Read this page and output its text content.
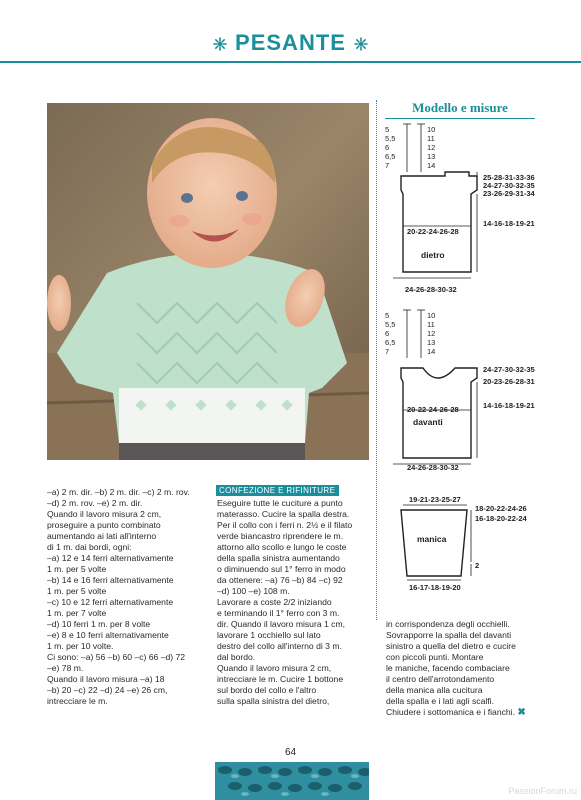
PESANTE
Modello e misure
5
5,5
6
6,5
7
10
11
12
13
14
25-28-31-33-36
24-27-30-32-35
23-26-29-31-34
14-16-18-19-21
20-22-24-26-28
dietro
24-26-28-30-32
5
5,5
6
6,5
7
10
11
12
13
14
24-27-30-32-35
20-23-26-28-31
14-16-18-19-21
20-22-24-26-28
davanti
24-26-28-30-32
19-21-23-25-27
18-20-22-24-26
16-18-20-22-24
2
manica
16-17-18-19-20
–a) 2 m. dir. –b) 2 m. dir. –c) 2 m. rov.
–d) 2 m. rov. –e) 2 m. dir.
Quando il lavoro misura 2 cm,
proseguire a punto combinato
aumentando ai lati all'interno
di 1 m. dai bordi, ogni:
–a) 12 e 14 ferri alternativamente
1 m. per 5 volte
–b) 14 e 16 ferri alternativamente
1 m. per 5 volte
–c) 10 e 12 ferri alternativamente
1 m. per 7 volte
–d) 10 ferri 1 m. per 8 volte
–e) 8 e 10 ferri alternativamente
1 m. per 10 volte.
Ci sono: –a) 56 –b) 60 –c) 66 –d) 72
–e) 78 m.
Quando il lavoro misura –a) 18
–b) 20 –c) 22 –d) 24 –e) 26 cm,
intrecciare le m.
CONFEZIONE E RIFINITURE
Eseguire tutte le cuciture a punto
materasso. Cucire la spalla destra.
Per il collo con i ferri n. 2½ e il filato
verde biancastro riprendere le m.
attorno allo scollo e lungo le coste
della spalla sinistra aumentando
o diminuendo sul 1° ferro in modo
da ottenere: –a) 76 –b) 84 –c) 92
–d) 100 –e) 108 m.
Lavorare a coste 2/2 iniziando
e terminando il 1° ferro con 3 m.
dir. Quando il lavoro misura 1 cm,
lavorare 1 occhiello sul lato
destro del collo all'interno di 3 m.
dal bordo.
Quando il lavoro misura 2 cm,
intrecciare le m. Cucire 1 bottone
sul bordo del collo e l'altro
sulla spalla sinistra del dietro,
in corrispondenza degli occhielli.
Sovrapporre la spalla del davanti
sinistro a quella del dietro e cucire
con piccoli punti. Montare
le maniche, facendo combaciare
il centro dell'arrotondamento
della manica alla cucitura
della spalla e i lati agli scalfi.
Chiudere i sottomanica e i fianchi. ✖
64
PassionForum.ru
